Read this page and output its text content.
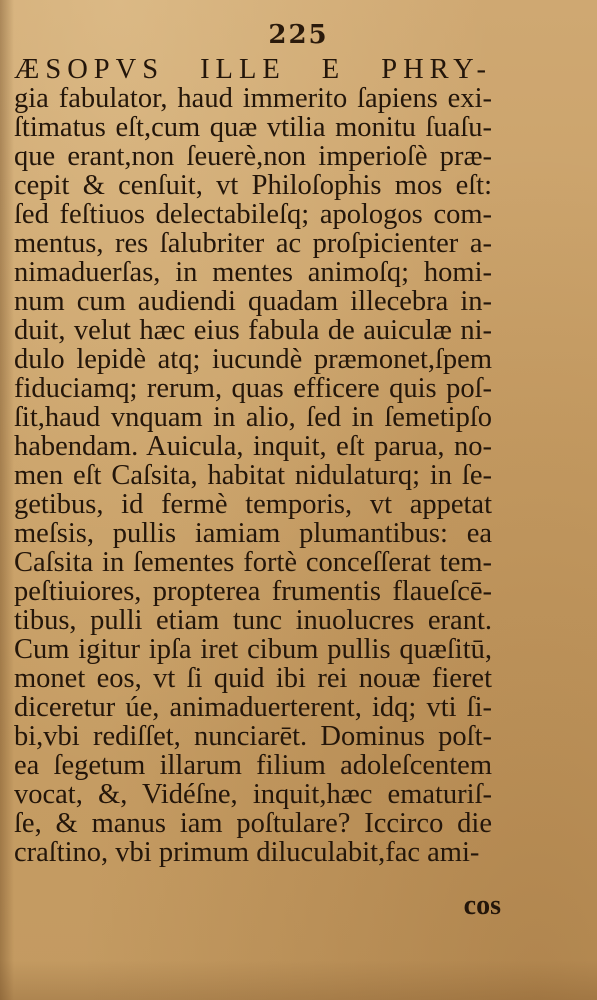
225
ÆSOPVS ILLE E PHRY-
gia fabulator, haud immerito ſapiens exi-
ſtimatus eſt,cum quæ vtilia monitu ſuaſu-
que erant,non ſeuerè,non imperioſè præ-
cepit & cenſuit, vt Philoſophis mos eſt:
ſed feſtiuos delectabileſq; apologos com-
mentus, res ſalubriter ac proſpicienter a-
nimaduerſas, in mentes animoſq; homi-
num cum audiendi quadam illecebra in-
duit, velut hæc eius fabula de auiculæ ni-
dulo lepidè atq; iucundè præmonet,ſpem
fiduciamq; rerum, quas efficere quis poſ-
ſit,haud vnquam in alio, ſed in ſemetipſo
habendam. Auicula, inquit, eſt parua, no-
men eſt Caſsita, habitat nidulaturq; in ſe-
getibus, id fermè temporis, vt appetat
meſsis, pullis iamiam plumantibus: ea
Caſsita in ſementes fortè conceſſerat tem-
peſtiuiores, propterea frumentis flaueſcē-
tibus, pulli etiam tunc inuolucres erant.
Cum igitur ipſa iret cibum pullis quæſitū,
monet eos, vt ſi quid ibi rei nouæ fieret
diceretur úe, animaduerterent, idq; vti ſi-
bi,vbi rediſſet, nunciarēt. Dominus poſt-
ea ſegetum illarum filium adoleſcentem
vocat, &, Vidéſne, inquit,hæc ematuriſ-
ſe, & manus iam poſtulare? Iccirco die
craſtino, vbi primum diluculabit,fac ami-
cos
